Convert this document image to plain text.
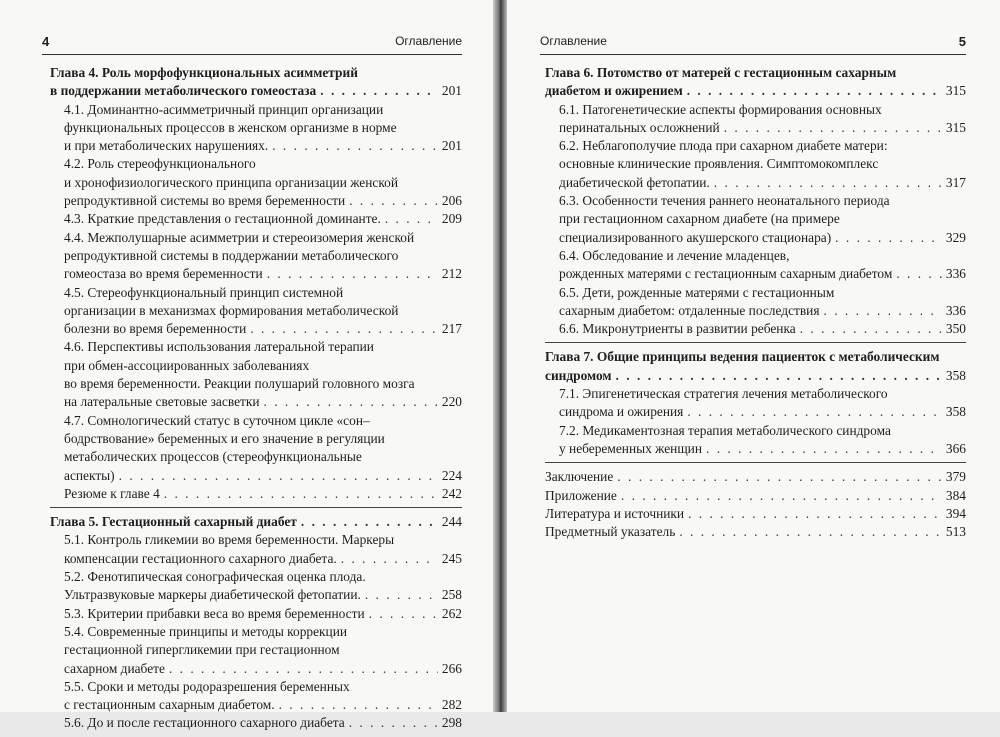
4	Оглавление
Глава 4. Роль морфофункциональных асимметрий
в поддержании метаболического гомеостаза . . .	201
4.1. Доминантно-асимметричный принцип организации
функциональных процессов в женском организме в норме
и при метаболических нарушениях. . . .	201
4.2. Роль стереофункционального
и хронофизиологического принципа организации женской
репродуктивной системы во время беременности . . .	206
4.3. Краткие представления о гестационной доминанте. . . .	209
4.4. Межполушарные асимметрии и стереоизомерия женской
репродуктивной системы в поддержании метаболического
гомеостаза во время беременности . . .	212
4.5. Стереофункциональный принцип системной
организации в механизмах формирования метаболической
болезни во время беременности . . .	217
4.6. Перспективы использования латеральной терапии
при обмен-ассоциированных заболеваниях
во время беременности. Реакции полушарий головного мозга
на латеральные световые засветки . . .	220
4.7. Сомнологический статус в суточном цикле «сон–
бодрствование» беременных и его значение в регуляции
метаболических процессов (стереофункциональные
аспекты) . . .	224
Резюме к главе 4 . . .	242
Глава 5. Гестационный сахарный диабет . . .	244
5.1. Контроль гликемии во время беременности. Маркеры
компенсации гестационного сахарного диабета. . . .	245
5.2. Фенотипическая сонографическая оценка плода.
Ультразвуковые маркеры диабетической фетопатии. . . .	258
5.3. Критерии прибавки веса во время беременности . . .	262
5.4. Современные принципы и методы коррекции
гестационной гипергликемии при гестационном
сахарном диабете . . .	266
5.5. Сроки и методы родоразрешения беременных
с гестационным сахарным диабетом. . . .	282
5.6. До и после гестационного сахарного диабета . . .	298
Оглавление	5
Глава 6. Потомство от матерей с гестационным сахарным
диабетом и ожирением . . .	315
6.1. Патогенетические аспекты формирования основных
перинатальных осложнений . . .	315
6.2. Неблагополучие плода при сахарном диабете матери:
основные клинические проявления. Симптомокомплекс
диабетической фетопатии. . . .	317
6.3. Особенности течения раннего неонатального периода
при гестационном сахарном диабете (на примере
специализированного акушерского стационара) . . .	329
6.4. Обследование и лечение младенцев,
рожденных матерями с гестационным сахарным диабетом . . .	336
6.5. Дети, рожденные матерями с гестационным
сахарным диабетом: отдаленные последствия . . .	336
6.6. Микронутриенты в развитии ребенка . . .	350
Глава 7. Общие принципы ведения пациенток с метаболическим
синдромом . . .	358
7.1. Эпигенетическая стратегия лечения метаболического
синдрома и ожирения . . .	358
7.2. Медикаментозная терапия метаболического синдрома
у небеременных женщин . . .	366
Заключение . . .	379
Приложение . . .	384
Литература и источники . . .	394
Предметный указатель . . .	513
